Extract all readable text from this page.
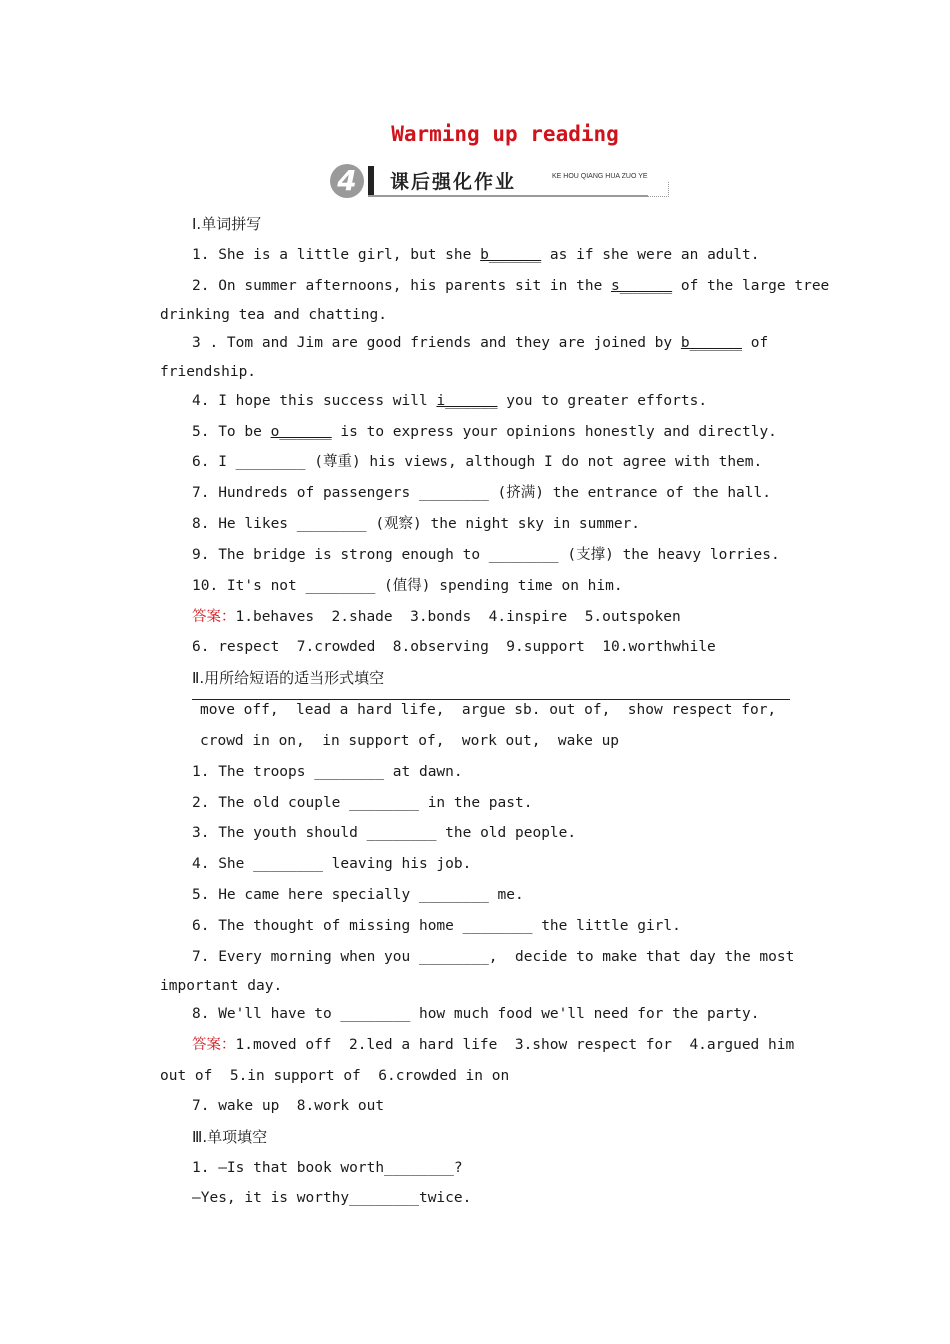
Warming up reading
4	课后强化作业	KE HOU QIANG HUA ZUO YE
Ⅰ.单词拼写
1. She is a little girl, but she b______ as if she were an adult.
2. On summer afternoons, his parents sit in the s______ of the large tree
drinking tea and chatting.
3 . Tom and Jim are good friends and they are joined by b______ of
friendship.
4. I hope this success will i______ you to greater efforts.
5. To be o______ is to express your opinions honestly and directly.
6. I ________ (尊重) his views, although I do not agree with them.
7. Hundreds of passengers ________ (挤满) the entrance of the hall.
8. He likes ________ (观察) the night sky in summer.
9. The bridge is strong enough to ________ (支撑) the heavy lorries.
10. It's not ________ (值得) spending time on him.
答案：1.behaves  2.shade  3.bonds  4.inspire  5.outspoken
6. respect  7.crowded  8.observing  9.support  10.worthwhile
Ⅱ.用所给短语的适当形式填空
move off,  lead a hard life,  argue sb. out of,  show respect for,
crowd in on,  in support of,  work out,  wake up
1. The troops ________ at dawn.
2. The old couple ________ in the past.
3. The youth should ________ the old people.
4. She ________ leaving his job.
5. He came here specially ________ me.
6. The thought of missing home ________ the little girl.
7. Every morning when you ________,  decide to make that day the most
important day.
8. We'll have to ________ how much food we'll need for the party.
答案：1.moved off  2.led a hard life  3.show respect for  4.argued him
out of  5.in support of  6.crowded in on
7. wake up  8.work out
Ⅲ.单项填空
1. —Is that book worth________?
—Yes, it is worthy________twice.
